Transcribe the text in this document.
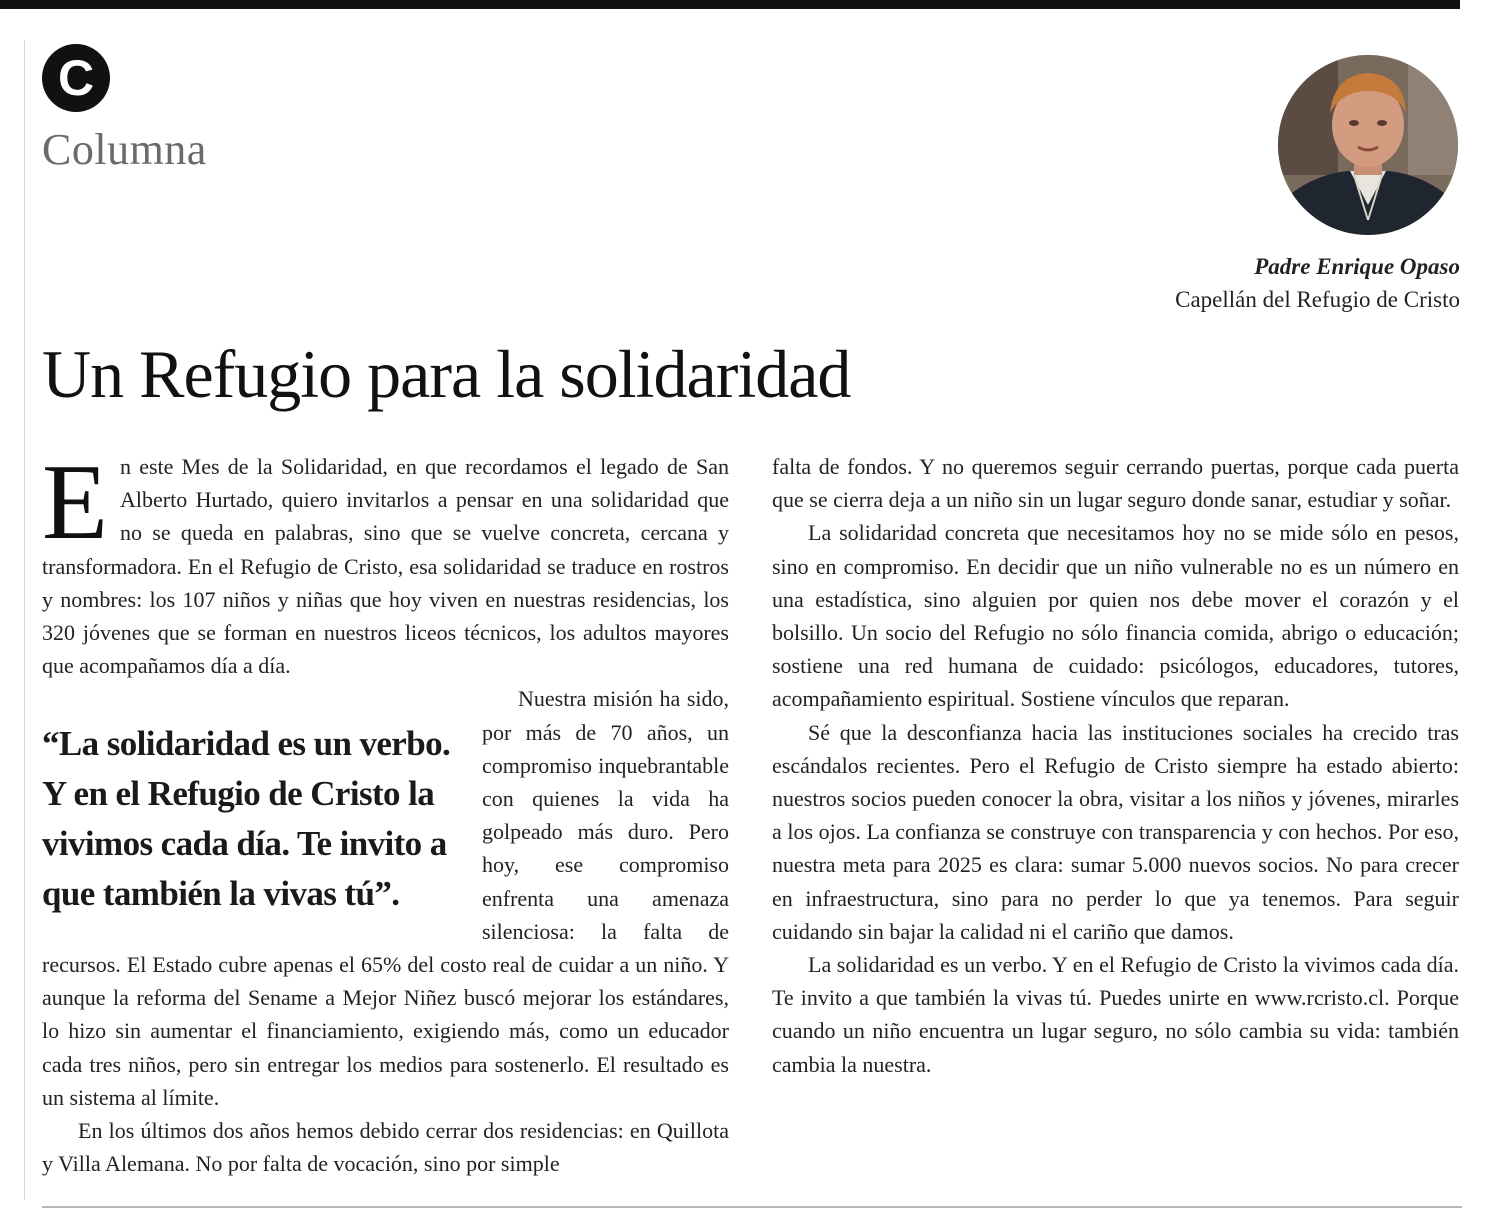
C
Columna
Padre Enrique Opaso
Capellán del Refugio de Cristo
Un Refugio para la solidaridad
E n este Mes de la Solidaridad, en que recordamos el legado de San Alberto Hurtado, quiero invitarlos a pensar en una solidaridad que no se queda en palabras, sino que se vuelve concreta, cercana y transformadora. En el Refugio de Cristo, esa solidaridad se traduce en rostros y nombres: los 107 niños y niñas que hoy viven en nuestras residencias, los 320 jóvenes que se forman en nuestros liceos técnicos, los adultos mayores que acompañamos día a día.

“La solidaridad es un verbo. Y en el Refugio de Cristo la vivimos cada día. Te invito a que también la vivas tú”.

Nuestra misión ha sido, por más de 70 años, un compromiso inquebrantable con quienes la vida ha golpeado más duro. Pero hoy, ese compromiso enfrenta una amenaza silenciosa: la falta de recursos. El Estado cubre apenas el 65% del costo real de cuidar a un niño. Y aunque la reforma del Sename a Mejor Niñez buscó mejorar los estándares, lo hizo sin aumentar el financiamiento, exigiendo más, como un educador cada tres niños, pero sin entregar los medios para sostenerlo. El resultado es un sistema al límite.

En los últimos dos años hemos debido cerrar dos residencias: en Quillota y Villa Alemana. No por falta de vocación, sino por simple

falta de fondos. Y no queremos seguir cerrando puertas, porque cada puerta que se cierra deja a un niño sin un lugar seguro donde sanar, estudiar y soñar.

La solidaridad concreta que necesitamos hoy no se mide sólo en pesos, sino en compromiso. En decidir que un niño vulnerable no es un número en una estadística, sino alguien por quien nos debe mover el corazón y el bolsillo. Un socio del Refugio no sólo financia comida, abrigo o educación; sostiene una red humana de cuidado: psicólogos, educadores, tutores, acompañamiento espiritual. Sostiene vínculos que reparan.

Sé que la desconfianza hacia las instituciones sociales ha crecido tras escándalos recientes. Pero el Refugio de Cristo siempre ha estado abierto: nuestros socios pueden conocer la obra, visitar a los niños y jóvenes, mirarles a los ojos. La confianza se construye con transparencia y con hechos. Por eso, nuestra meta para 2025 es clara: sumar 5.000 nuevos socios. No para crecer en infraestructura, sino para no perder lo que ya tenemos. Para seguir cuidando sin bajar la calidad ni el cariño que damos.

La solidaridad es un verbo. Y en el Refugio de Cristo la vivimos cada día. Te invito a que también la vivas tú. Puedes unirte en www.rcristo.cl. Porque cuando un niño encuentra un lugar seguro, no sólo cambia su vida: también cambia la nuestra.
